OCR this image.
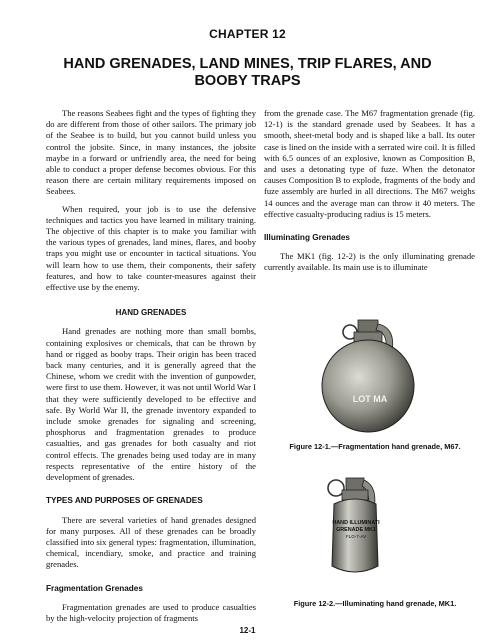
CHAPTER 12
HAND GRENADES, LAND MINES, TRIP FLARES, AND BOOBY TRAPS

The reasons Seabees fight and the types of fighting they do are different from those of other sailors. The primary job of the Seabee is to build, but you cannot build unless you control the jobsite. Since, in many instances, the jobsite maybe in a forward or unfriendly area, the need for being able to conduct a proper defense becomes obvious. For this reason there are certain military requirements imposed on Seabees.

When required, your job is to use the defensive techniques and tactics you have learned in military training. The objective of this chapter is to make you familiar with the various types of grenades, land mines, flares, and booby traps you might use or encounter in tactical situations. You will learn how to use them, their components, their safety features, and how to take counter-measures against their effective use by the enemy.

HAND GRENADES

Hand grenades are nothing more than small bombs, containing explosives or chemicals, that can be thrown by hand or rigged as booby traps. Their origin has been traced back many centuries, and it is generally agreed that the Chinese, whom we credit with the invention of gunpowder, were first to use them. However, it was not until World War I that they were sufficiently developed to be effective and safe. By World War II, the grenade inventory expanded to include smoke grenades for signaling and screening, phosphorus and fragmentation grenades to produce casualties, and gas grenades for both casualty and riot control effects. The grenades being used today are in many respects representative of the entire history of the development of grenades.

TYPES AND PURPOSES OF GRENADES

There are several varieties of hand grenades designed for many purposes. All of these grenades can be broadly classified into six general types: fragmentation, illumination, chemical, incendiary, smoke, and practice and training grenades.

Fragmentation Grenades

Fragmentation grenades are used to produce casualties by the high-velocity projection of fragments

from the grenade case. The M67 fragmentation grenade (fig. 12-1) is the standard grenade used by Seabees. It has a smooth, sheet-metal body and is shaped like a ball. Its outer case is lined on the inside with a serrated wire coil. It is filled with 6.5 ounces of an explosive, known as Composition B, and uses a detonating type of fuze. When the detonator causes Composition B to explode, fragments of the body and fuze assembly are hurled in all directions. The M67 weighs 14 ounces and the average man can throw it 40 meters. The effective casualty-producing radius is 15 meters.

Illuminating Grenades

The MK1 (fig. 12-2) is the only illuminating grenade currently available. Its main use is to illuminate

LOT MA
Figure 12-1.—Fragmentation hand grenade, M67.
HAND ILLUMINATI
GRENADE MK1
FLG-7-AV
Figure 12-2.—Illuminating hand grenade, MK1.
12-1
